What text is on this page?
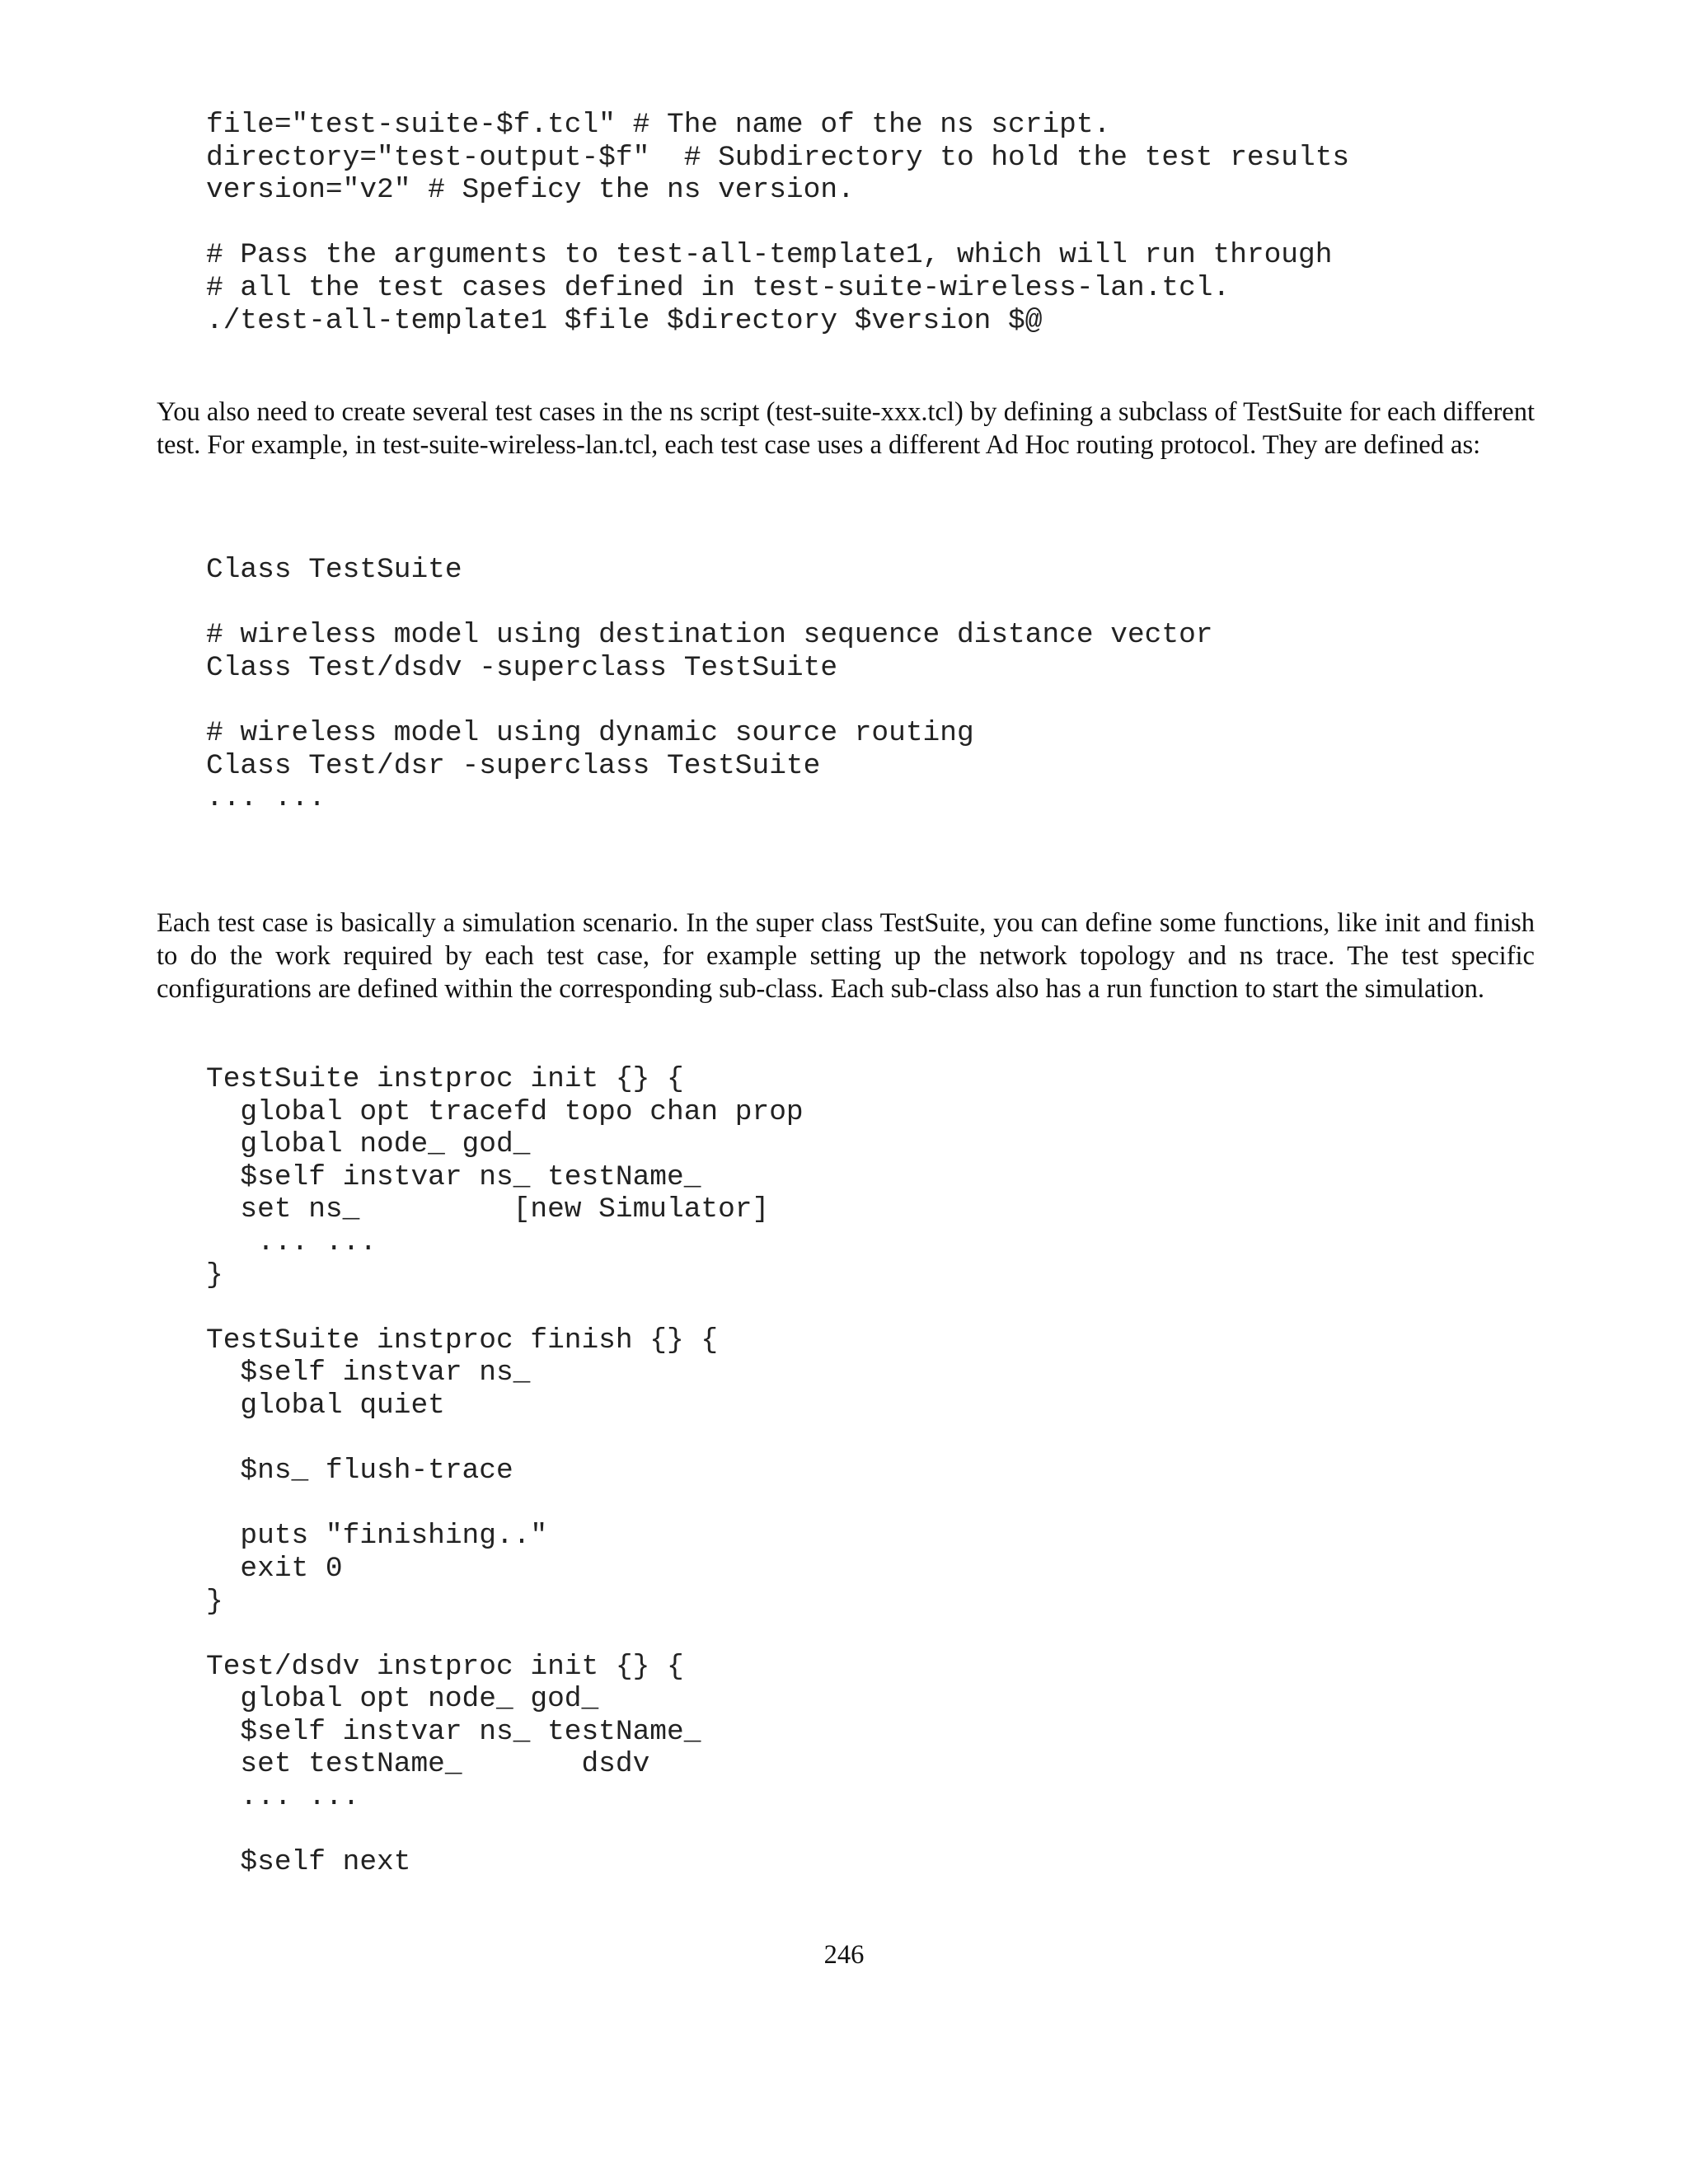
file="test-suite-$f.tcl" # The name of the ns script.
directory="test-output-$f"  # Subdirectory to hold the test results
version="v2" # Speficy the ns version.

# Pass the arguments to test-all-template1, which will run through
# all the test cases defined in test-suite-wireless-lan.tcl.
./test-all-template1 $file $directory $version $@

You also need to create several test cases in the ns script (test-suite-xxx.tcl) by defining a subclass of TestSuite for each different test. For example, in test-suite-wireless-lan.tcl, each test case uses a different Ad Hoc routing protocol. They are defined as:

Class TestSuite

# wireless model using destination sequence distance vector
Class Test/dsdv -superclass TestSuite

# wireless model using dynamic source routing
Class Test/dsr -superclass TestSuite
... ...

Each test case is basically a simulation scenario. In the super class TestSuite, you can define some functions, like init and finish to do the work required by each test case, for example setting up the network topology and ns trace. The test specific configurations are defined within the corresponding sub-class. Each sub-class also has a run function to start the simulation.

TestSuite instproc init {} {
global opt tracefd topo chan prop
global node_ god_
$self instvar ns_ testName_
set ns_         [new Simulator]
... ...
}

TestSuite instproc finish {} {
$self instvar ns_
global quiet

$ns_ flush-trace

puts "finishing.."
exit 0
}

Test/dsdv instproc init {} {
global opt node_ god_
$self instvar ns_ testName_
set testName_       dsdv
... ...

$self next
246
